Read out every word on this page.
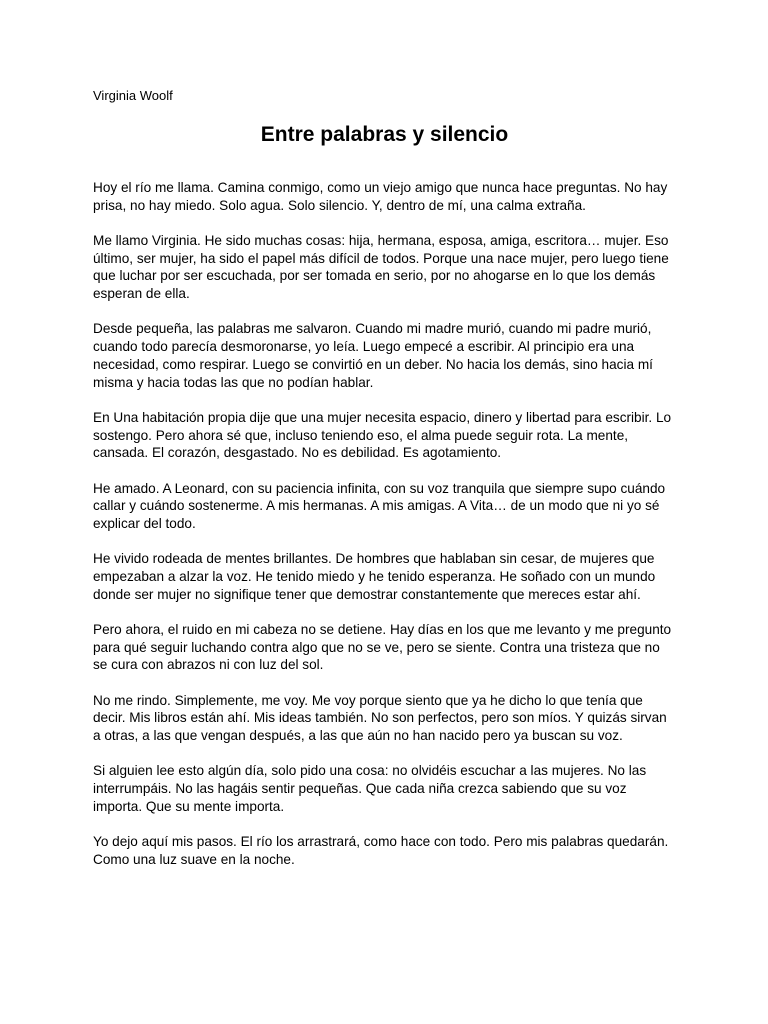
Virginia Woolf

Entre palabras y silencio

Hoy el río me llama. Camina conmigo, como un viejo amigo que nunca hace preguntas. No hay prisa, no hay miedo. Solo agua. Solo silencio. Y, dentro de mí, una calma extraña.

Me llamo Virginia. He sido muchas cosas: hija, hermana, esposa, amiga, escritora… mujer. Eso último, ser mujer, ha sido el papel más difícil de todos. Porque una nace mujer, pero luego tiene que luchar por ser escuchada, por ser tomada en serio, por no ahogarse en lo que los demás esperan de ella.

Desde pequeña, las palabras me salvaron. Cuando mi madre murió, cuando mi padre murió, cuando todo parecía desmoronarse, yo leía. Luego empecé a escribir. Al principio era una necesidad, como respirar. Luego se convirtió en un deber. No hacia los demás, sino hacia mí misma y hacia todas las que no podían hablar.

En Una habitación propia dije que una mujer necesita espacio, dinero y libertad para escribir. Lo sostengo. Pero ahora sé que, incluso teniendo eso, el alma puede seguir rota. La mente, cansada. El corazón, desgastado. No es debilidad. Es agotamiento.

He amado. A Leonard, con su paciencia infinita, con su voz tranquila que siempre supo cuándo callar y cuándo sostenerme. A mis hermanas. A mis amigas. A Vita… de un modo que ni yo sé explicar del todo.

He vivido rodeada de mentes brillantes. De hombres que hablaban sin cesar, de mujeres que empezaban a alzar la voz. He tenido miedo y he tenido esperanza. He soñado con un mundo donde ser mujer no signifique tener que demostrar constantemente que mereces estar ahí.

Pero ahora, el ruido en mi cabeza no se detiene. Hay días en los que me levanto y me pregunto para qué seguir luchando contra algo que no se ve, pero se siente. Contra una tristeza que no se cura con abrazos ni con luz del sol.

No me rindo. Simplemente, me voy. Me voy porque siento que ya he dicho lo que tenía que decir. Mis libros están ahí. Mis ideas también. No son perfectos, pero son míos. Y quizás sirvan a otras, a las que vengan después, a las que aún no han nacido pero ya buscan su voz.

Si alguien lee esto algún día, solo pido una cosa: no olvidéis escuchar a las mujeres. No las interrumpáis. No las hagáis sentir pequeñas. Que cada niña crezca sabiendo que su voz importa. Que su mente importa.

Yo dejo aquí mis pasos. El río los arrastrará, como hace con todo. Pero mis palabras quedarán. Como una luz suave en la noche.
